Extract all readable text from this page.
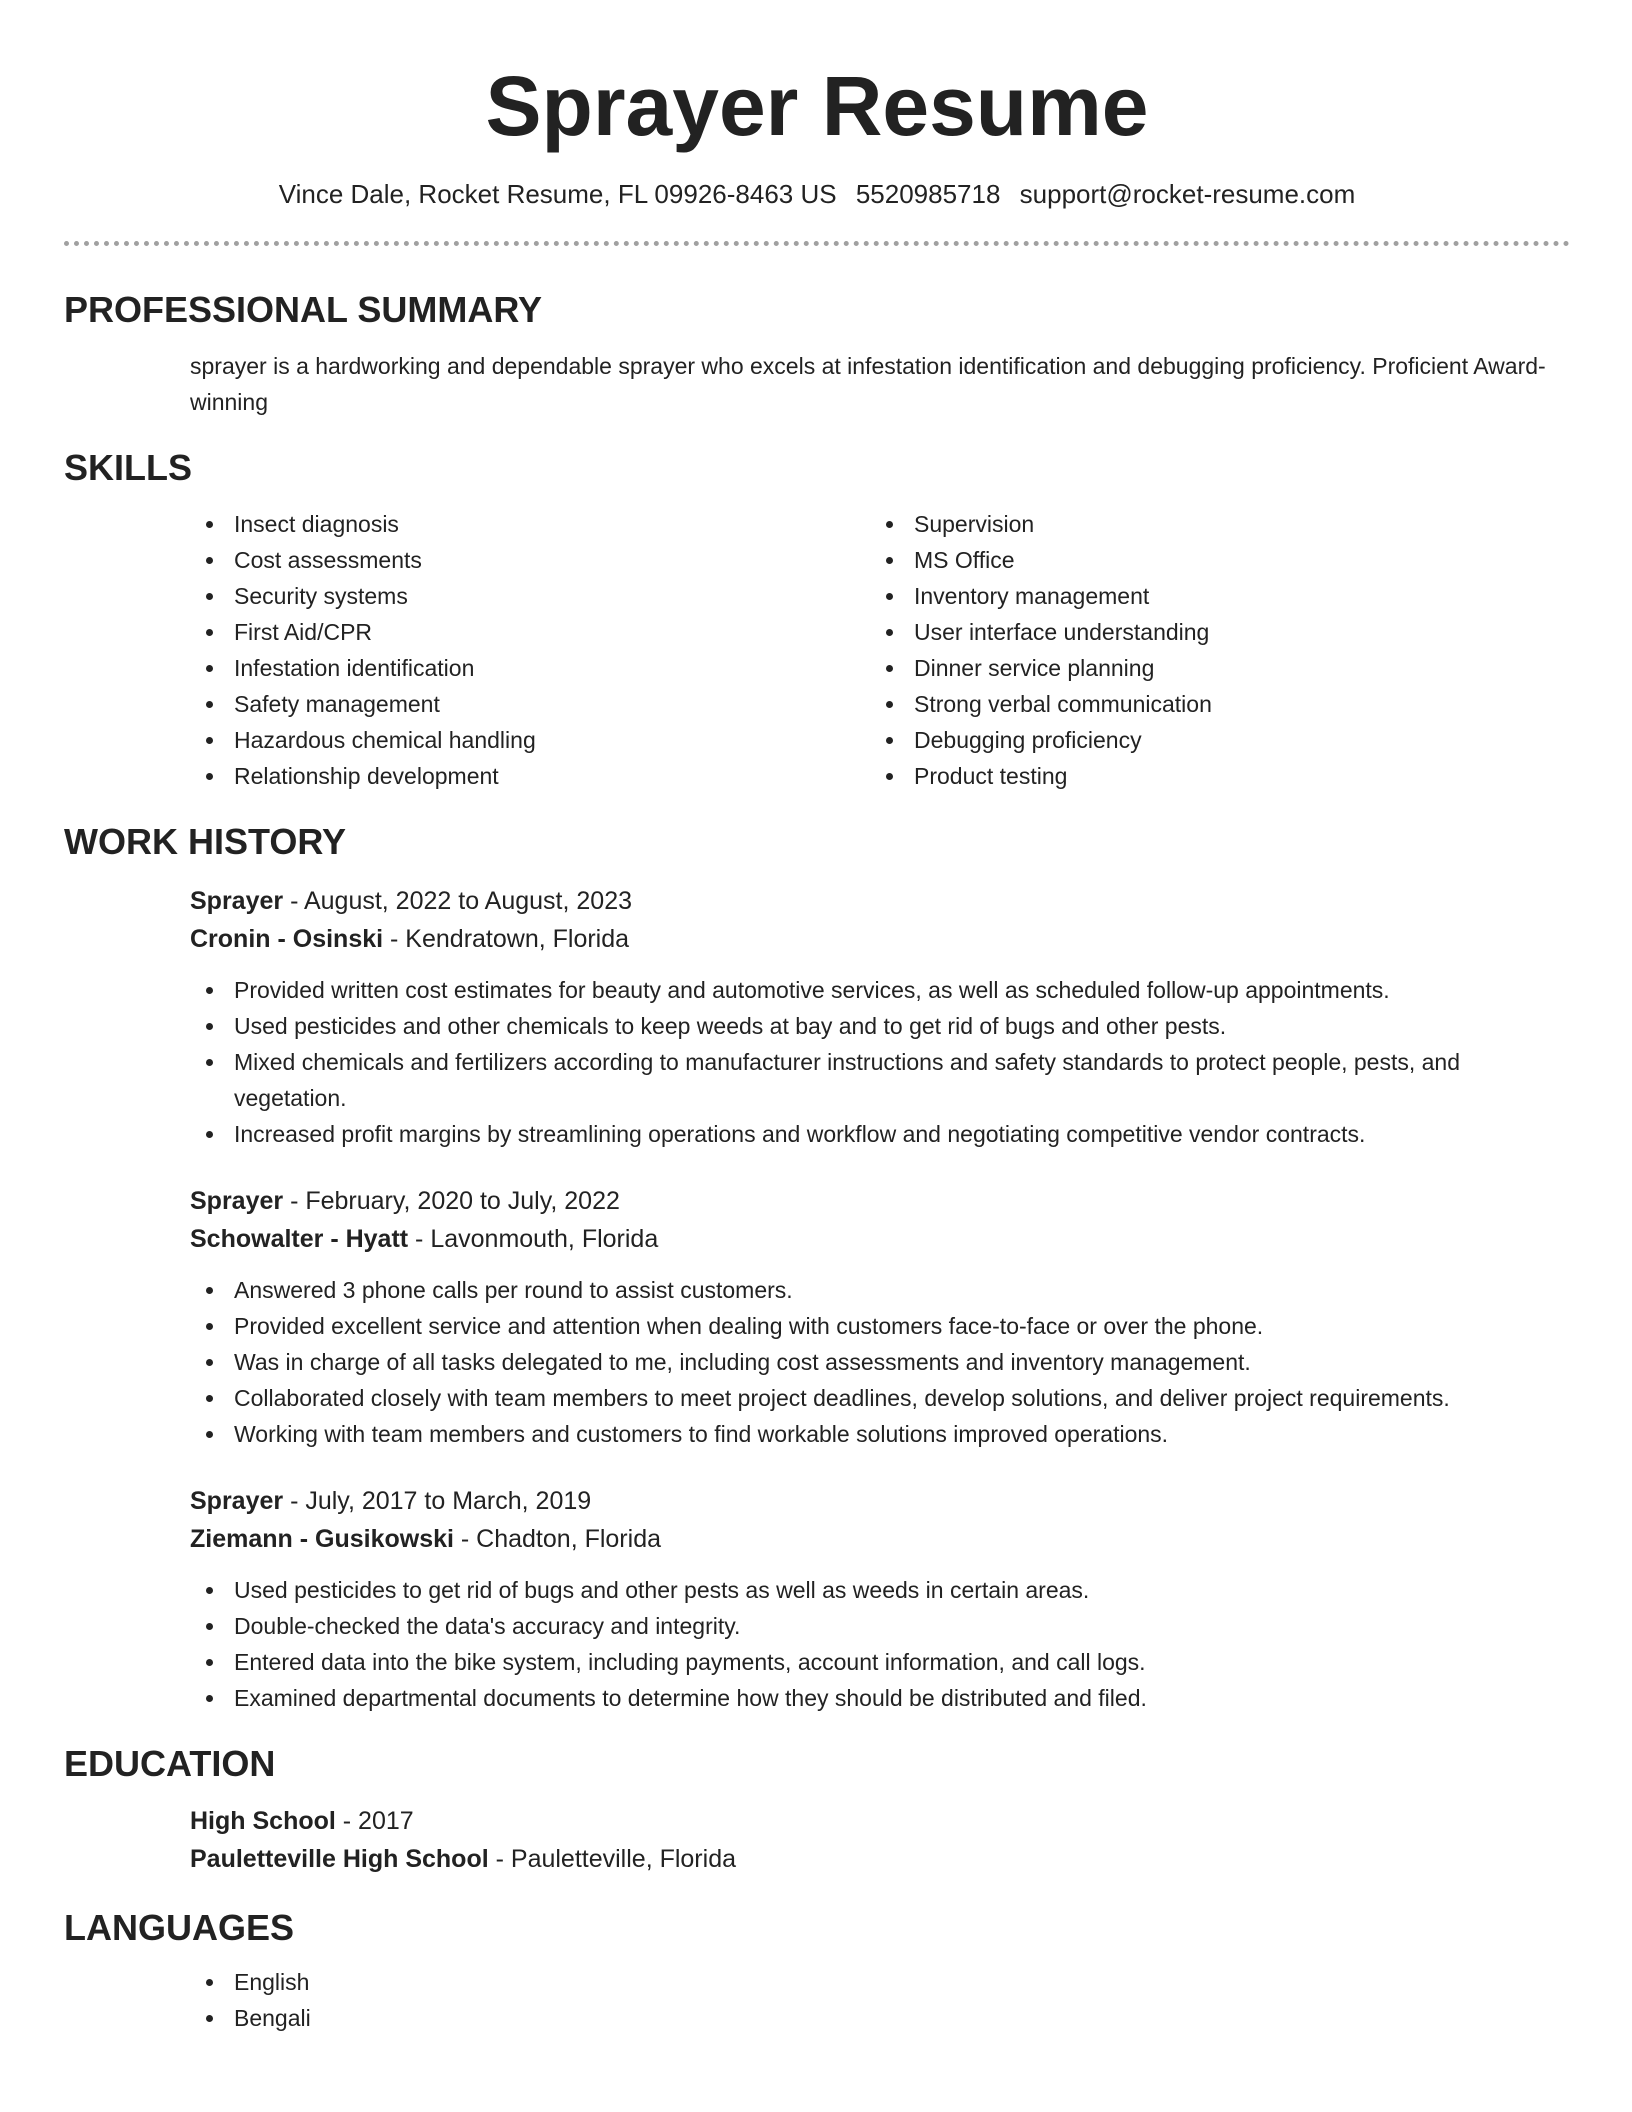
Sprayer Resume
Vince Dale, Rocket Resume, FL 09926-8463 US 5520985718 support@rocket-resume.com
PROFESSIONAL SUMMARY
sprayer is a hardworking and dependable sprayer who excels at infestation identification and debugging proficiency. Proficient Award-winning
SKILLS
Insect diagnosis
Cost assessments
Security systems
First Aid/CPR
Infestation identification
Safety management
Hazardous chemical handling
Relationship development
Supervision
MS Office
Inventory management
User interface understanding
Dinner service planning
Strong verbal communication
Debugging proficiency
Product testing
WORK HISTORY
Sprayer - August, 2022 to August, 2023
Cronin - Osinski - Kendratown, Florida
Provided written cost estimates for beauty and automotive services, as well as scheduled follow-up appointments.
Used pesticides and other chemicals to keep weeds at bay and to get rid of bugs and other pests.
Mixed chemicals and fertilizers according to manufacturer instructions and safety standards to protect people, pests, and vegetation.
Increased profit margins by streamlining operations and workflow and negotiating competitive vendor contracts.
Sprayer - February, 2020 to July, 2022
Schowalter - Hyatt - Lavonmouth, Florida
Answered 3 phone calls per round to assist customers.
Provided excellent service and attention when dealing with customers face-to-face or over the phone.
Was in charge of all tasks delegated to me, including cost assessments and inventory management.
Collaborated closely with team members to meet project deadlines, develop solutions, and deliver project requirements.
Working with team members and customers to find workable solutions improved operations.
Sprayer - July, 2017 to March, 2019
Ziemann - Gusikowski - Chadton, Florida
Used pesticides to get rid of bugs and other pests as well as weeds in certain areas.
Double-checked the data's accuracy and integrity.
Entered data into the bike system, including payments, account information, and call logs.
Examined departmental documents to determine how they should be distributed and filed.
EDUCATION
High School - 2017
Pauletteville High School - Pauletteville, Florida
LANGUAGES
English
Bengali
